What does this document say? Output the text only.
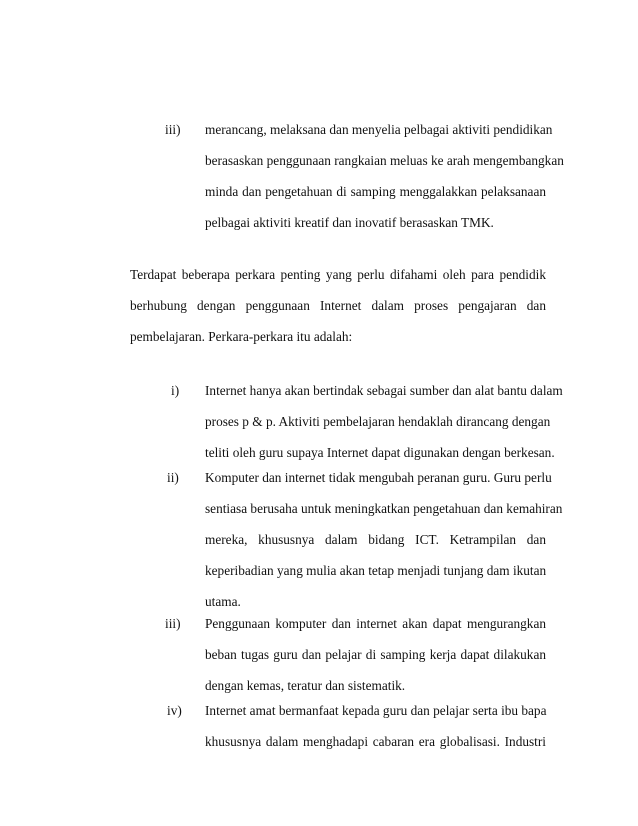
iii) merancang, melaksana dan menyelia pelbagai aktiviti pendidikan
berasaskan penggunaan rangkaian meluas ke arah mengembangkan
minda dan pengetahuan di samping menggalakkan pelaksanaan
pelbagai aktiviti kreatif dan inovatif berasaskan TMK.
Terdapat beberapa perkara penting yang perlu difahami oleh para pendidik
berhubung dengan penggunaan Internet dalam proses pengajaran dan
pembelajaran. Perkara-perkara itu adalah:
i) Internet hanya akan bertindak sebagai sumber dan alat bantu dalam
proses p & p. Aktiviti pembelajaran hendaklah dirancang dengan
teliti oleh guru supaya Internet dapat digunakan dengan berkesan.
ii) Komputer dan internet tidak mengubah peranan guru. Guru perlu
sentiasa berusaha untuk meningkatkan pengetahuan dan kemahiran
mereka, khususnya dalam bidang ICT. Ketrampilan dan
keperibadian yang mulia akan tetap menjadi tunjang dam ikutan
utama.
iii) Penggunaan komputer dan internet akan dapat mengurangkan
beban tugas guru dan pelajar di samping kerja dapat dilakukan
dengan kemas, teratur dan sistematik.
iv) Internet amat bermanfaat kepada guru dan pelajar serta ibu bapa
khususnya dalam menghadapi cabaran era globalisasi. Industri
